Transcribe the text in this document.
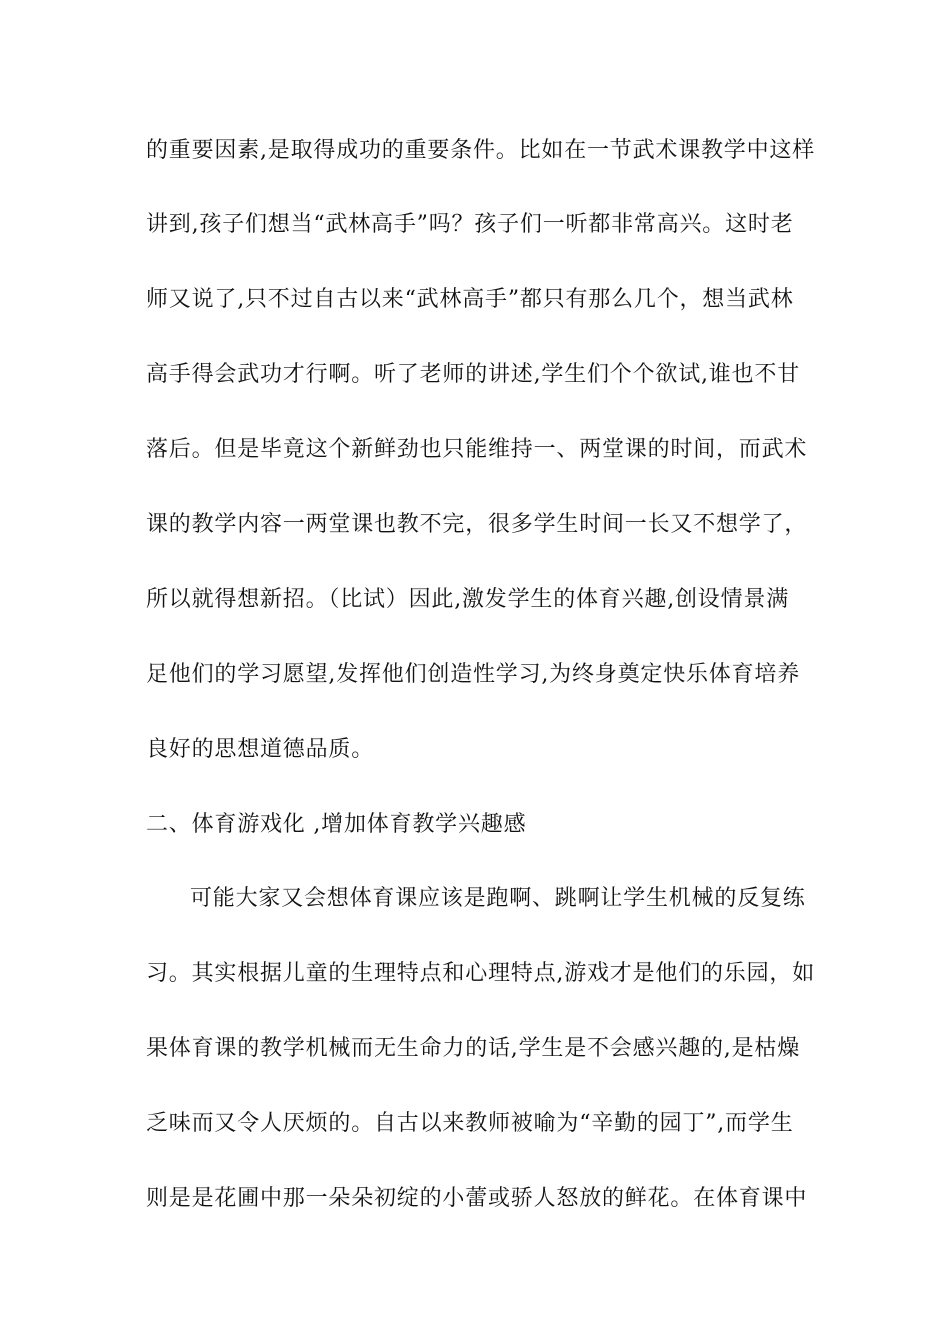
的重要因素,是取得成功的重要条件。比如在一节武术课教学中这样
讲到,孩子们想当“武林高手”吗？孩子们一听都非常高兴。这时老
师又说了,只不过自古以来“武林高手”都只有那么几个，想当武林
高手得会武功才行啊。听了老师的讲述,学生们个个欲试,谁也不甘
落后。但是毕竟这个新鲜劲也只能维持一、两堂课的时间，而武术
课的教学内容一两堂课也教不完，很多学生时间一长又不想学了，
所以就得想新招。（比试）因此,激发学生的体育兴趣,创设情景满
足他们的学习愿望,发挥他们创造性学习,为终身奠定快乐体育培养
良好的思想道德品质。
二、体育游戏化 ,增加体育教学兴趣感
可能大家又会想体育课应该是跑啊、跳啊让学生机械的反复练
习。其实根据儿童的生理特点和心理特点,游戏才是他们的乐园，如
果体育课的教学机械而无生命力的话,学生是不会感兴趣的,是枯燥
乏味而又令人厌烦的。自古以来教师被喻为“辛勤的园丁”,而学生
则是是花圃中那一朵朵初绽的小蕾或骄人怒放的鲜花。在体育课中
